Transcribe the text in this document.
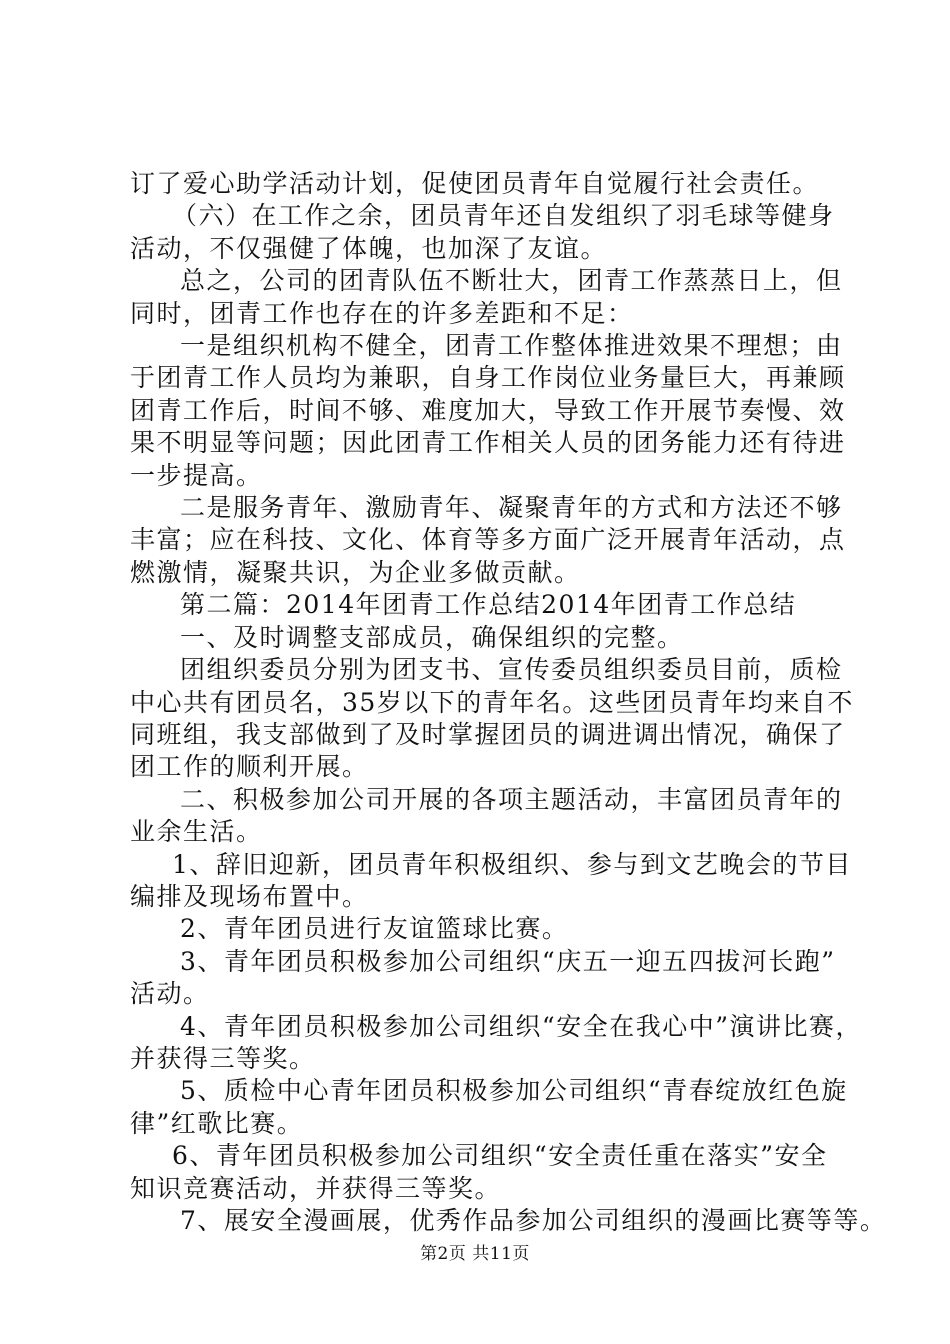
订了爱心助学活动计划，促使团员青年自觉履行社会责任。

（六）在工作之余，团员青年还自发组织了羽毛球等健身

活动，不仅强健了体魄，也加深了友谊。

总之，公司的团青队伍不断壮大，团青工作蒸蒸日上，但

同时，团青工作也存在的许多差距和不足：

一是组织机构不健全，团青工作整体推进效果不理想；由

于团青工作人员均为兼职，自身工作岗位业务量巨大，再兼顾

团青工作后，时间不够、难度加大，导致工作开展节奏慢、效

果不明显等问题；因此团青工作相关人员的团务能力还有待进

一步提高。

二是服务青年、激励青年、凝聚青年的方式和方法还不够

丰富；应在科技、文化、体育等多方面广泛开展青年活动，点

燃激情，凝聚共识，为企业多做贡献。

第二篇：2014年团青工作总结2014年团青工作总结

一、及时调整支部成员，确保组织的完整。

团组织委员分别为团支书、宣传委员组织委员目前，质检

中心共有团员名，35岁以下的青年名。这些团员青年均来自不

同班组，我支部做到了及时掌握团员的调进调出情况，确保了

团工作的顺利开展。

二、积极参加公司开展的各项主题活动，丰富团员青年的

业余生活。

1、辞旧迎新，团员青年积极组织、参与到文艺晚会的节目

编排及现场布置中。

2、青年团员进行友谊篮球比赛。

3、青年团员积极参加公司组织“庆五一迎五四拔河长跑”

活动。

4、青年团员积极参加公司组织“安全在我心中”演讲比赛，

并获得三等奖。

5、质检中心青年团员积极参加公司组织“青春绽放红色旋

律”红歌比赛。

6、青年团员积极参加公司组织“安全责任重在落实”安全

知识竞赛活动，并获得三等奖。

7、展安全漫画展，优秀作品参加公司组织的漫画比赛等等。

第2页 共11页
